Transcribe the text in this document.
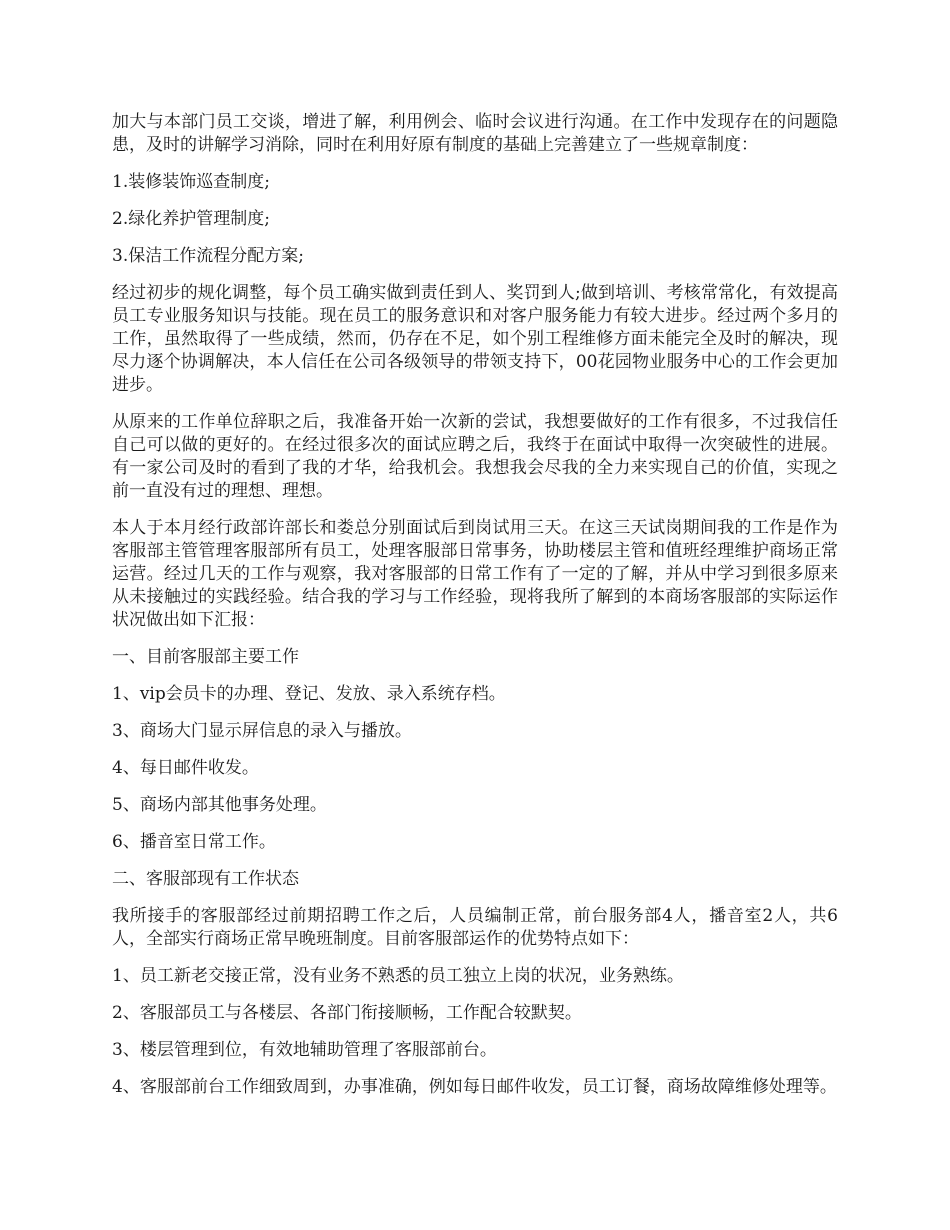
加大与本部门员工交谈，增进了解，利用例会、临时会议进行沟通。在工作中发现存在的问题隐患，及时的讲解学习消除，同时在利用好原有制度的基础上完善建立了一些规章制度：

1.装修装饰巡查制度;

2.绿化养护管理制度;

3.保洁工作流程分配方案;

经过初步的规化调整，每个员工确实做到责任到人、奖罚到人;做到培训、考核常常化，有效提高员工专业服务知识与技能。现在员工的服务意识和对客户服务能力有较大进步。经过两个多月的工作，虽然取得了一些成绩，然而，仍存在不足，如个别工程维修方面未能完全及时的解决，现尽力逐个协调解决，本人信任在公司各级领导的带领支持下，00花园物业服务中心的工作会更加进步。

从原来的工作单位辞职之后，我准备开始一次新的尝试，我想要做好的工作有很多，不过我信任自己可以做的更好的。在经过很多次的面试应聘之后，我终于在面试中取得一次突破性的进展。有一家公司及时的看到了我的才华，给我机会。我想我会尽我的全力来实现自己的价值，实现之前一直没有过的理想、理想。

本人于本月经行政部许部长和娄总分别面试后到岗试用三天。在这三天试岗期间我的工作是作为客服部主管管理客服部所有员工，处理客服部日常事务，协助楼层主管和值班经理维护商场正常运营。经过几天的工作与观察，我对客服部的日常工作有了一定的了解，并从中学习到很多原来从未接触过的实践经验。结合我的学习与工作经验，现将我所了解到的本商场客服部的实际运作状况做出如下汇报：

一、目前客服部主要工作

1、vip会员卡的办理、登记、发放、录入系统存档。

3、商场大门显示屏信息的录入与播放。

4、每日邮件收发。

5、商场内部其他事务处理。

6、播音室日常工作。

二、客服部现有工作状态

我所接手的客服部经过前期招聘工作之后，人员编制正常，前台服务部4人，播音室2人，共6人，全部实行商场正常早晚班制度。目前客服部运作的优势特点如下：

1、员工新老交接正常，没有业务不熟悉的员工独立上岗的状况，业务熟练。

2、客服部员工与各楼层、各部门衔接顺畅，工作配合较默契。

3、楼层管理到位，有效地辅助管理了客服部前台。

4、客服部前台工作细致周到，办事准确，例如每日邮件收发，员工订餐，商场故障维修处理等。
